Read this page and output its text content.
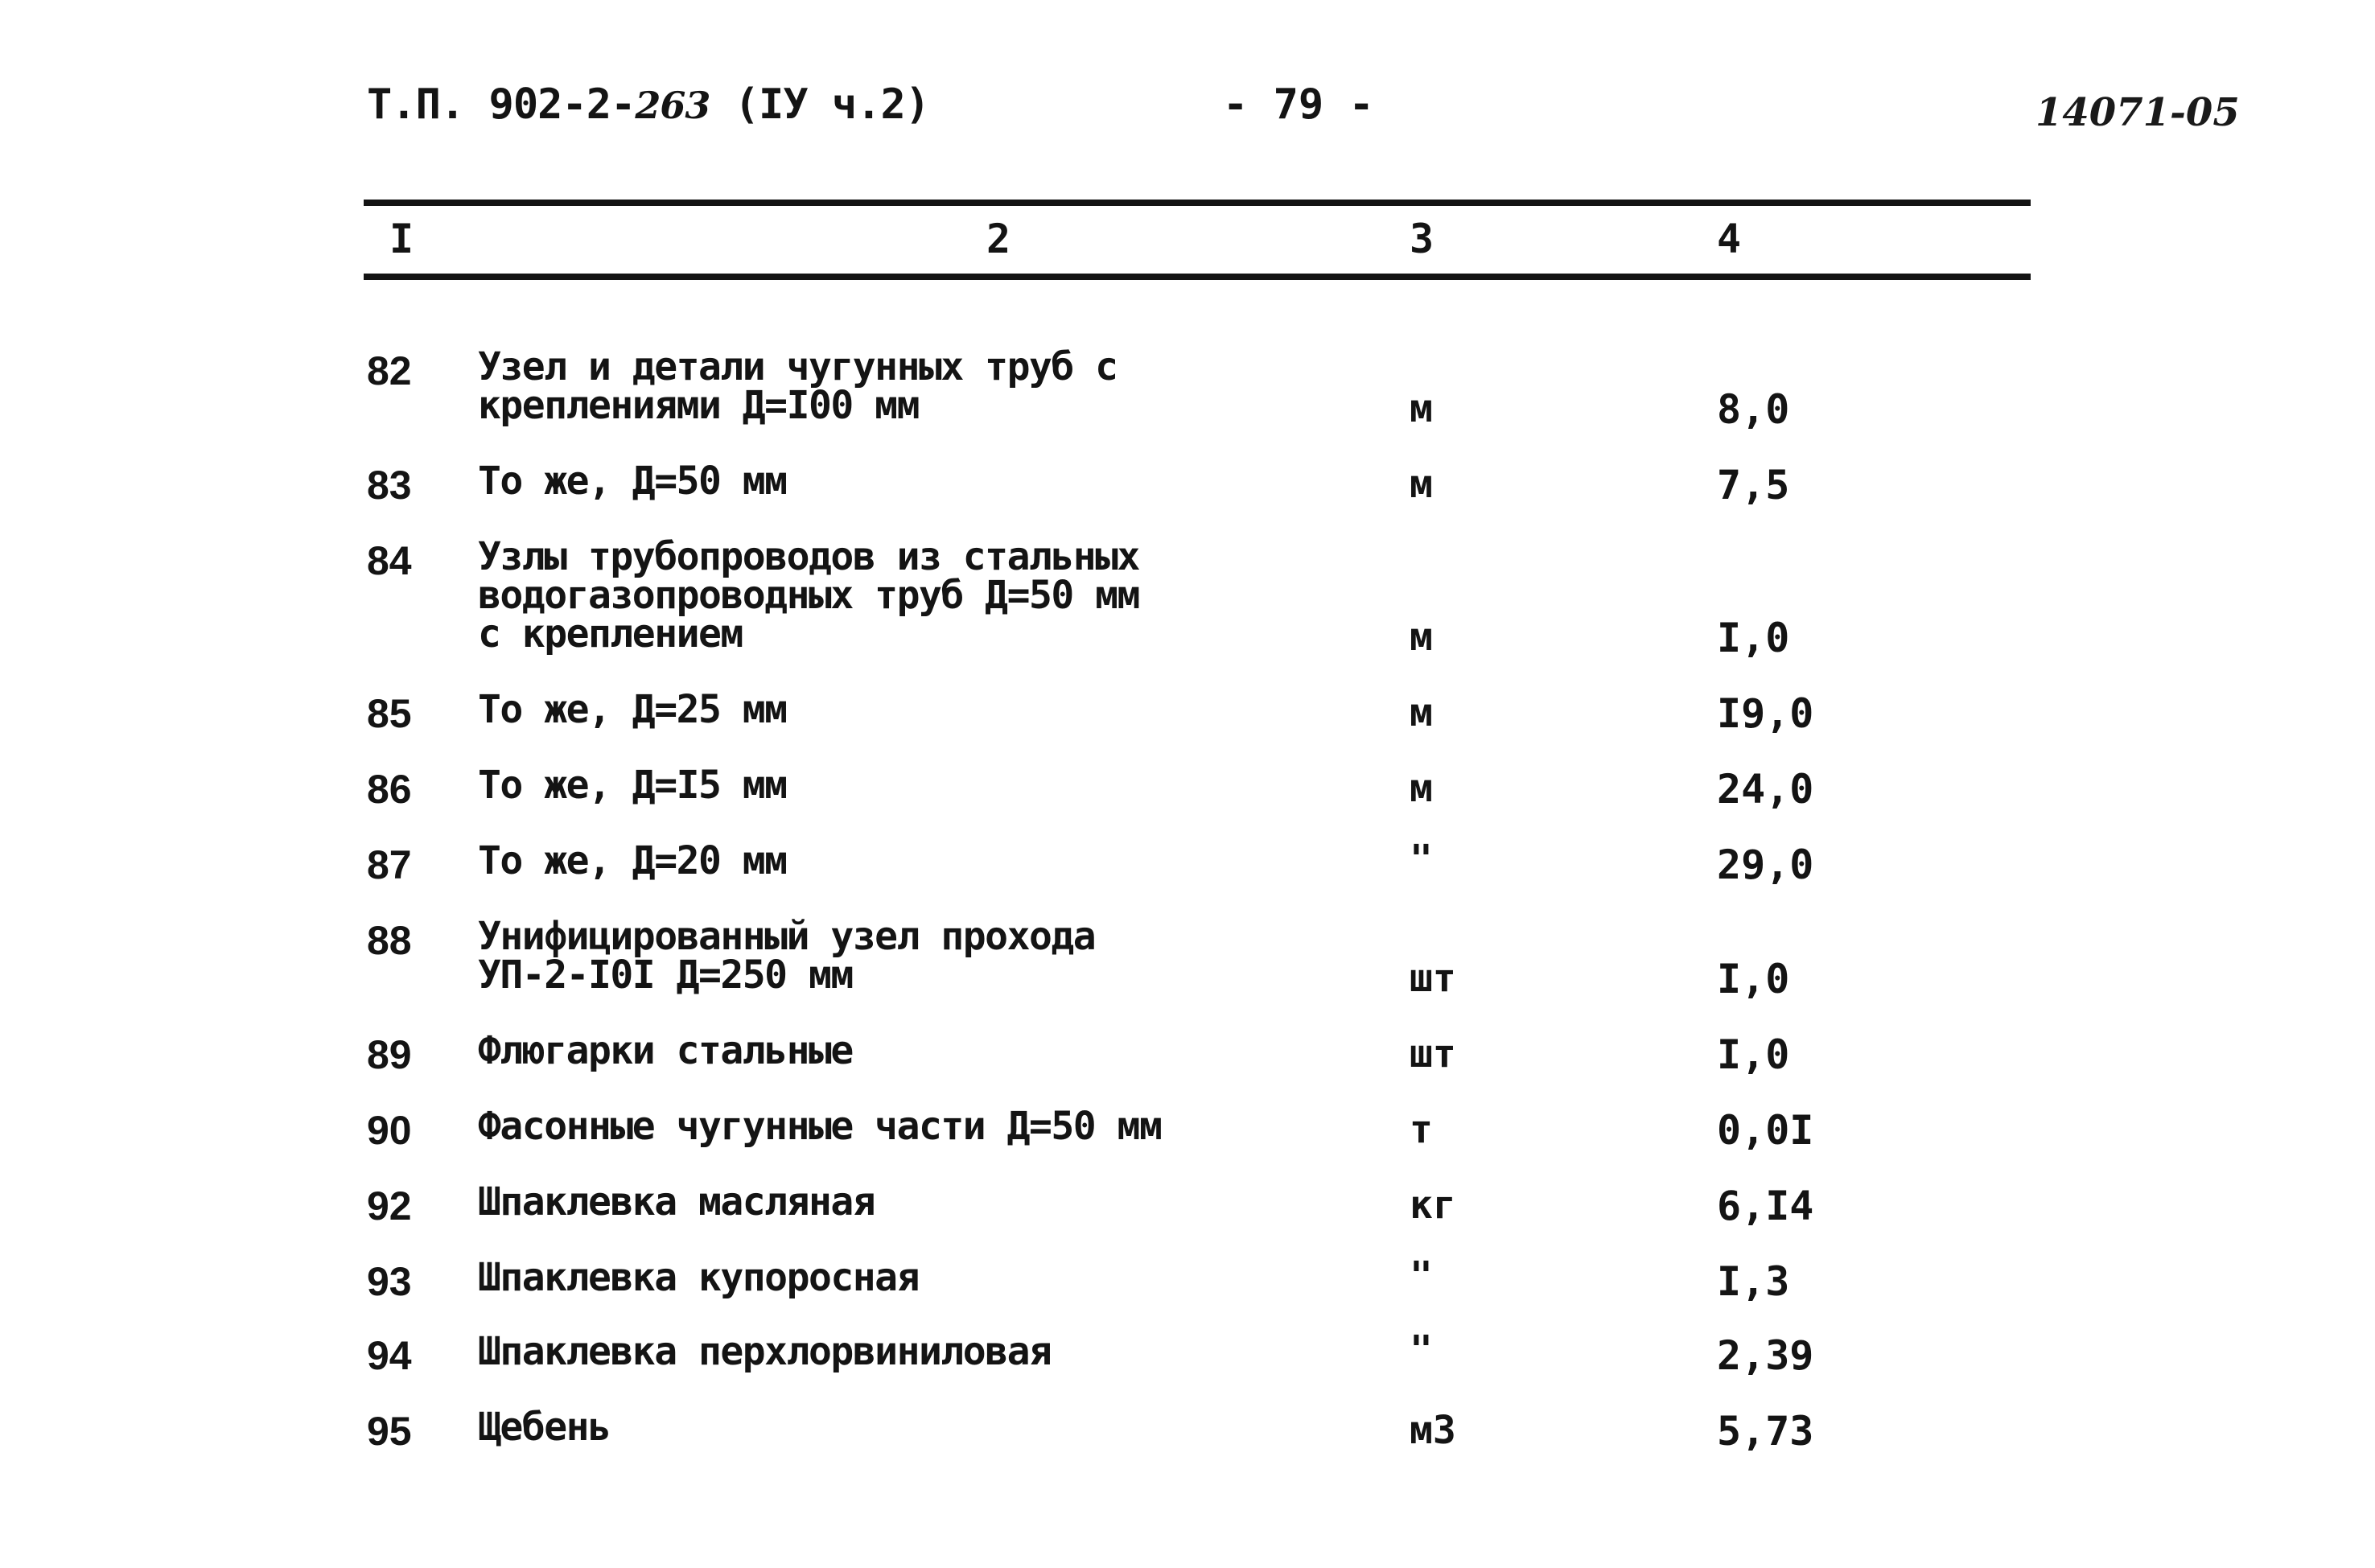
Т.П. 902-2-263 (IУ ч.2)	- 79 -	14071-05
I	2	3	4
82 Узел и детали чугунных труб с
креплениями Д=I00 мм	м	8,0
83 То же, Д=50 мм	м	7,5
84 Узлы трубопроводов из стальных
водогазопроводных труб Д=50 мм
с креплением	м	I,0
85 То же, Д=25 мм	м	I9,0
86 То же, Д=I5 мм	м	24,0
87 То же, Д=20 мм	"	29,0
88 Унифицированный узел прохода
УП-2-I0I Д=250 мм	шт	I,0
89 Флюгарки стальные	шт	I,0
90 Фасонные чугунные части Д=50 мм	т	0,0I
92 Шпаклевка масляная	кг	6,I4
93 Шпаклевка купоросная	"	I,3
94 Шпаклевка перхлорвиниловая	"	2,39
95 Щебень	м3	5,73
